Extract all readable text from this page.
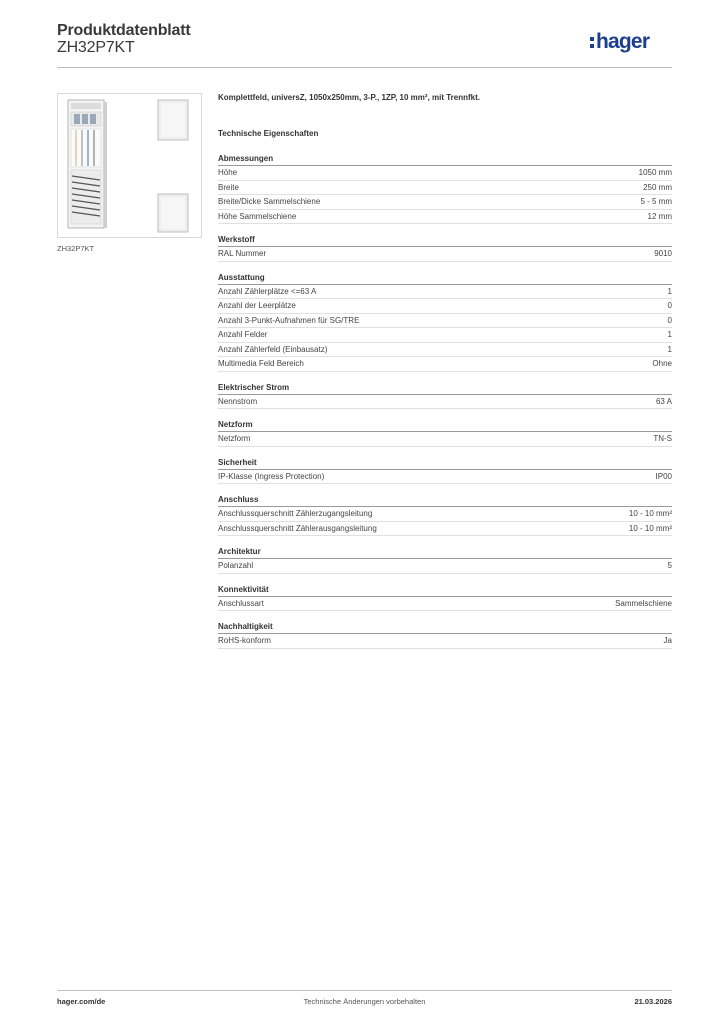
Produktdatenblatt
ZH32P7KT	hager
ZH32P7KT
Komplettfeld, universZ, 1050x250mm, 3-P., 1ZP, 10 mm², mit Trennfkt.
Technische Eigenschaften
Abmessungen
Höhe	1050 mm
Breite	250 mm
Breite/Dicke Sammelschiene	5 - 5 mm
Höhe Sammelschiene	12 mm
Werkstoff
RAL Nummer	9010
Ausstattung
Anzahl Zählerplätze <=63 A	1
Anzahl der Leerplätze	0
Anzahl 3-Punkt-Aufnahmen für SG/TRE	0
Anzahl Felder	1
Anzahl Zählerfeld (Einbausatz)	1
Multimedia Feld Bereich	Ohne
Elektrischer Strom
Nennstrom	63 A
Netzform
Netzform	TN-S
Sicherheit
IP-Klasse (Ingress Protection)	IP00
Anschluss
Anschlussquerschnitt Zählerzugangsleitung	10 - 10 mm²
Anschlussquerschnitt Zählerausgangsleitung	10 - 10 mm²
Architektur
Polanzahl	5
Konnektivität
Anschlussart	Sammelschiene
Nachhaltigkeit
RoHS-konform	Ja
hager.com/de	Technische Änderungen vorbehalten	21.03.2026
